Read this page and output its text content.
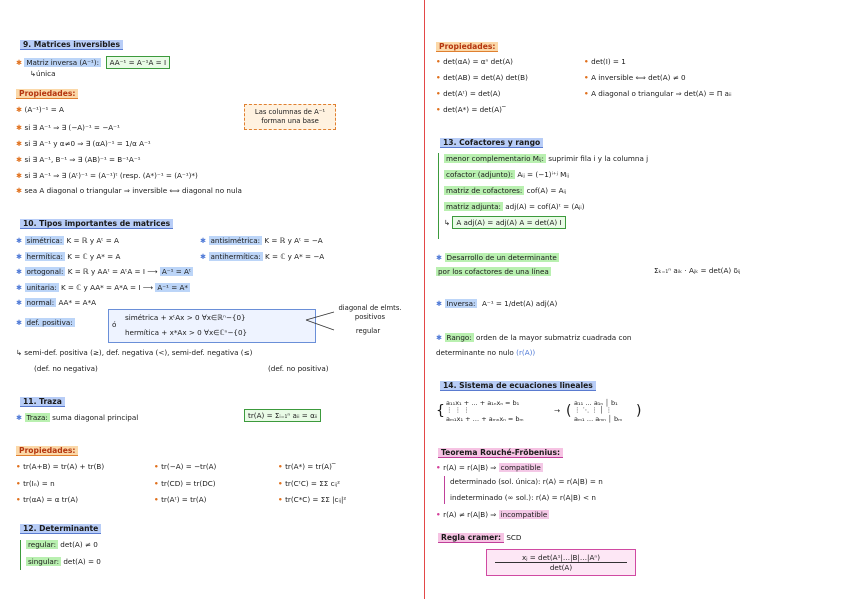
9. Matrices inversibles
✱ Matriz inversa (A⁻¹): AA⁻¹ = A⁻¹A = I
↳única
Propiedades:
✱ (A⁻¹)⁻¹ = A
✱ si ∃ A⁻¹ ⇒ ∃ (−A)⁻¹ = −A⁻¹
✱ si ∃ A⁻¹ y α≠0 ⇒ ∃ (αA)⁻¹ = 1/α A⁻¹
✱ si ∃ A⁻¹, B⁻¹ ⇒ ∃ (AB)⁻¹ = B⁻¹A⁻¹
✱ si ∃ A⁻¹ ⇒ ∃ (Aᵗ)⁻¹ = (A⁻¹)ᵗ (resp. (A*)⁻¹ = (A⁻¹)*)
✱ sea A diagonal o triangular ⇒ inversible ⟺ diagonal no nula
Las columnas de A⁻¹ forman una base
10. Tipos importantes de matrices
✱ simétrica: K = ℝ y Aᵗ = A	✱ antisimétrica: K = ℝ y Aᵗ = −A
✱ hermítica: K = ℂ y A* = A	✱ antihermítica: K = ℂ y A* = −A
✱ ortogonal: K = ℝ y AAᵗ = AᵗA = I ⟶ A⁻¹ = Aᵗ
✱ unitaria: K = ℂ y AA* = A*A = I ⟶ A⁻¹ = A*
✱ normal: AA* = A*A
✱ def. positiva:
simétrica + xᵗAx > 0 ∀x∈ℝⁿ−{0}
ó
hermítica + x*Ax > 0 ∀x∈ℂⁿ−{0}
diagonal de elmts. positivos
regular
↳ semi-def. positiva (≥), def. negativa (<), semi-def. negativa (≤)
(def. no negativa)	(def. no positiva)
11. Traza
✱ Traza: suma diagonal principal	tr(A) = Σᵢ₌₁ⁿ aᵢᵢ = αᵢᵢ
Propiedades:
• tr(A+B) = tr(A) + tr(B)	• tr(−A) = −tr(A)	• tr(A*) = tr(A)‾
• tr(Iₙ) = n	• tr(CD) = tr(DC)	• tr(CᵗC) = ΣΣ cᵢⱼ²
• tr(αA) = α tr(A)	• tr(Aᵗ) = tr(A)	• tr(C*C) = ΣΣ |cᵢⱼ|²
12. Determinante
regular: det(A) ≠ 0
singular: det(A) = 0
Propiedades:
• det(αA) = αⁿ det(A)
• det(AB) = det(A) det(B)
• det(Aᵗ) = det(A)
• det(A*) = det(A)‾
• det(I) = 1
• A inversible ⟺ det(A) ≠ 0
• A diagonal o triangular ⇒ det(A) = Π aᵢᵢ
13. Cofactores y rango
menor complementario Mᵢⱼ: suprimir fila i y la columna j
cofactor (adjunto): Aᵢⱼ = (−1)ⁱ⁺ʲ Mᵢⱼ
matriz de cofactores: cof(A) = Aᵢⱼ
matriz adjunta: adj(A) = cof(A)ᵗ = (Aⱼᵢ)
↳ A adj(A) = adj(A) A = det(A) I
✱ Desarrollo de un determinante
por los cofactores de una línea	Σₖ₌₁ⁿ aᵢₖ · Aⱼₖ = det(A) δᵢⱼ
✱ Inversa: A⁻¹ = 1/det(A) adj(A)
✱ Rango: orden de la mayor submatriz cuadrada con
determinante no nulo (r(A))
14. Sistema de ecuaciones lineales
{ a₁₁x₁ + … + a₁ₙxₙ = b₁
⋮ ⋮ ⋮
aₘ₁x₁ + … + aₘₙxₙ = bₘ
→ ( a₁₁ … a₁ₙ │ b₁
⋮ ⋱ ⋮ │ ⋮
aₘ₁ … aₘₙ │ bₘ )
Teorema Rouché-Fröbenius:
• r(A) = r(A|B) ⇒ compatible
determinado (sol. única): r(A) = r(A|B) = n
indeterminado (∞ sol.): r(A) = r(A|B) < n
• r(A) ≠ r(A|B) ⇒ incompatible
Regla cramer: SCD
xⱼ = det(A¹|…|B|…|Aⁿ)
det(A)
